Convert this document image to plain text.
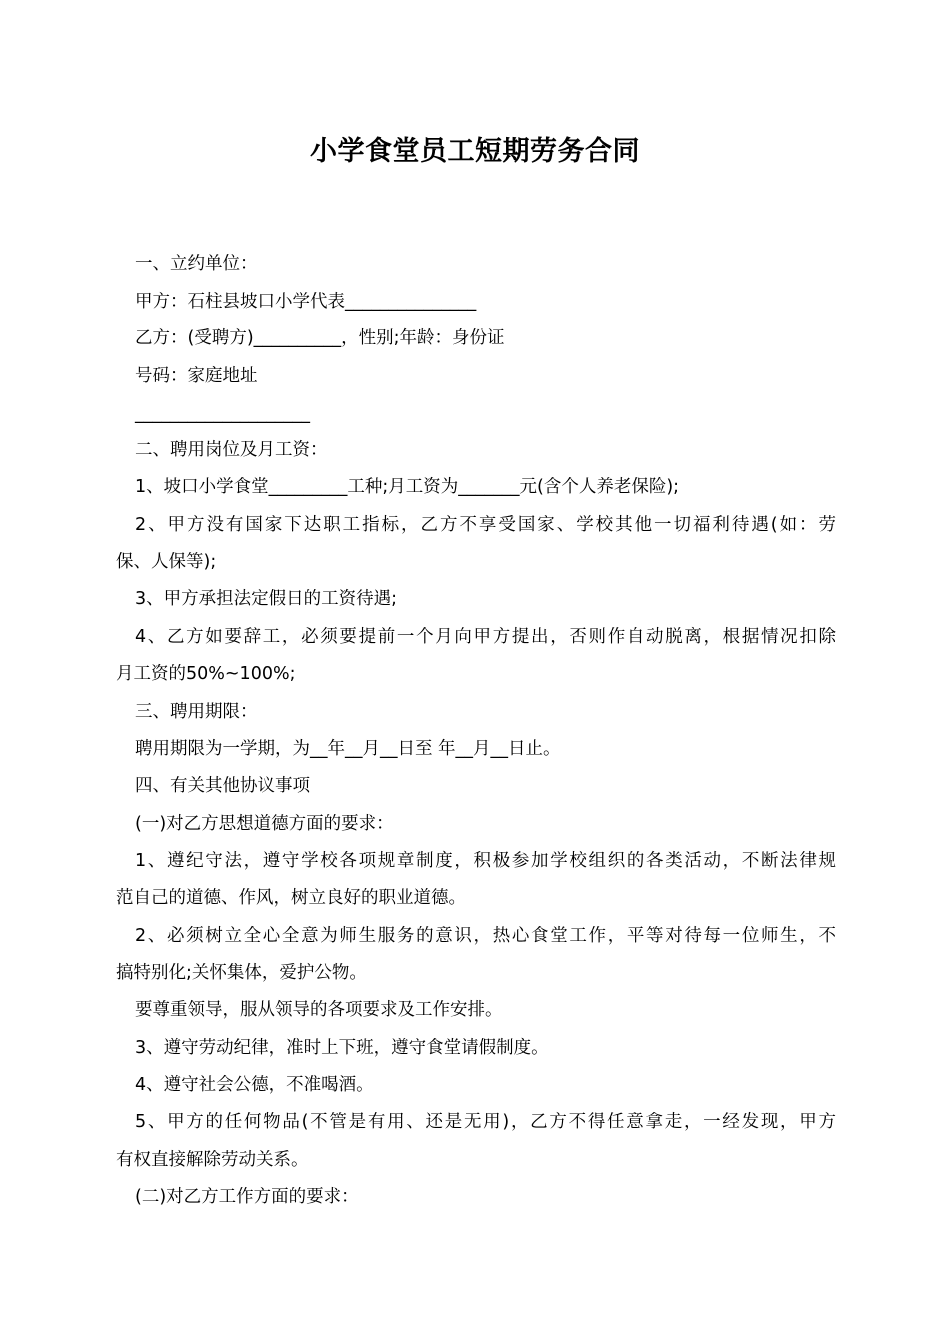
小学食堂员工短期劳务合同
一、立约单位：
甲方：石柱县坡口小学代表_______________
乙方：(受聘方)__________，性别;年龄：身份证
号码：家庭地址
____________________
二、聘用岗位及月工资：
1、坡口小学食堂_________工种;月工资为_______元(含个人养老保险);
2、甲方没有国家下达职工指标，乙方不享受国家、学校其他一切福利待遇(如：劳
保、人保等);
3、甲方承担法定假日的工资待遇;
4、乙方如要辞工，必须要提前一个月向甲方提出，否则作自动脱离，根据情况扣除
月工资的50%~100%;
三、聘用期限：
聘用期限为一学期，为__年__月__日至 年__月__日止。
四、有关其他协议事项
(一)对乙方思想道德方面的要求：
1、遵纪守法，遵守学校各项规章制度，积极参加学校组织的各类活动，不断法律规
范自己的道德、作风，树立良好的职业道德。
2、必须树立全心全意为师生服务的意识，热心食堂工作，平等对待每一位师生，不
搞特别化;关怀集体，爱护公物。
要尊重领导，服从领导的各项要求及工作安排。
3、遵守劳动纪律，准时上下班，遵守食堂请假制度。
4、遵守社会公德，不准喝酒。
5、甲方的任何物品(不管是有用、还是无用)，乙方不得任意拿走，一经发现，甲方
有权直接解除劳动关系。
(二)对乙方工作方面的要求：
